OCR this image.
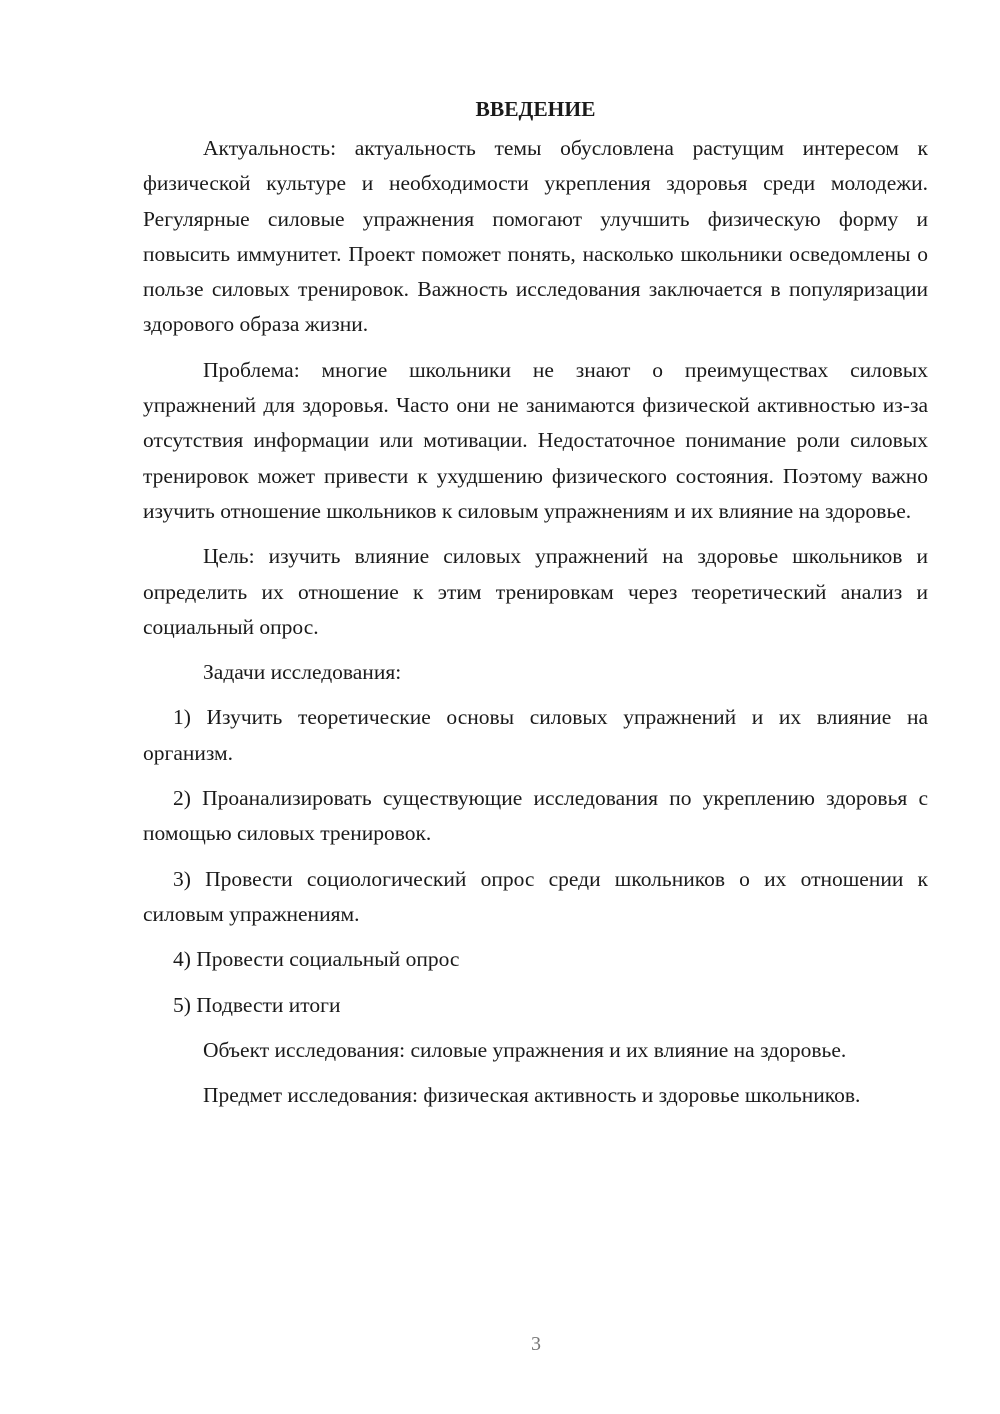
ВВЕДЕНИЕ

Актуальность: актуальность темы обусловлена растущим интересом к физической культуре и необходимости укрепления здоровья среди молодежи. Регулярные силовые упражнения помогают улучшить физическую форму и повысить иммунитет. Проект поможет понять, насколько школьники осведомлены о пользе силовых тренировок. Важность исследования заключается в популяризации здорового образа жизни.

Проблема: многие школьники не знают о преимуществах силовых упражнений для здоровья. Часто они не занимаются физической активностью из-за отсутствия информации или мотивации. Недостаточное понимание роли силовых тренировок может привести к ухудшению физического состояния. Поэтому важно изучить отношение школьников к силовым упражнениям и их влияние на здоровье.

Цель: изучить влияние силовых упражнений на здоровье школьников и определить их отношение к этим тренировкам через теоретический анализ и социальный опрос.

Задачи исследования:

1) Изучить теоретические основы силовых упражнений и их влияние на организм.

2) Проанализировать существующие исследования по укреплению здоровья с помощью силовых тренировок.

3) Провести социологический опрос среди школьников о их отношении к силовым упражнениям.

4) Провести социальный опрос

5) Подвести итоги

Объект исследования: силовые упражнения и их влияние на здоровье.

Предмет исследования: физическая активность и здоровье школьников.

3
